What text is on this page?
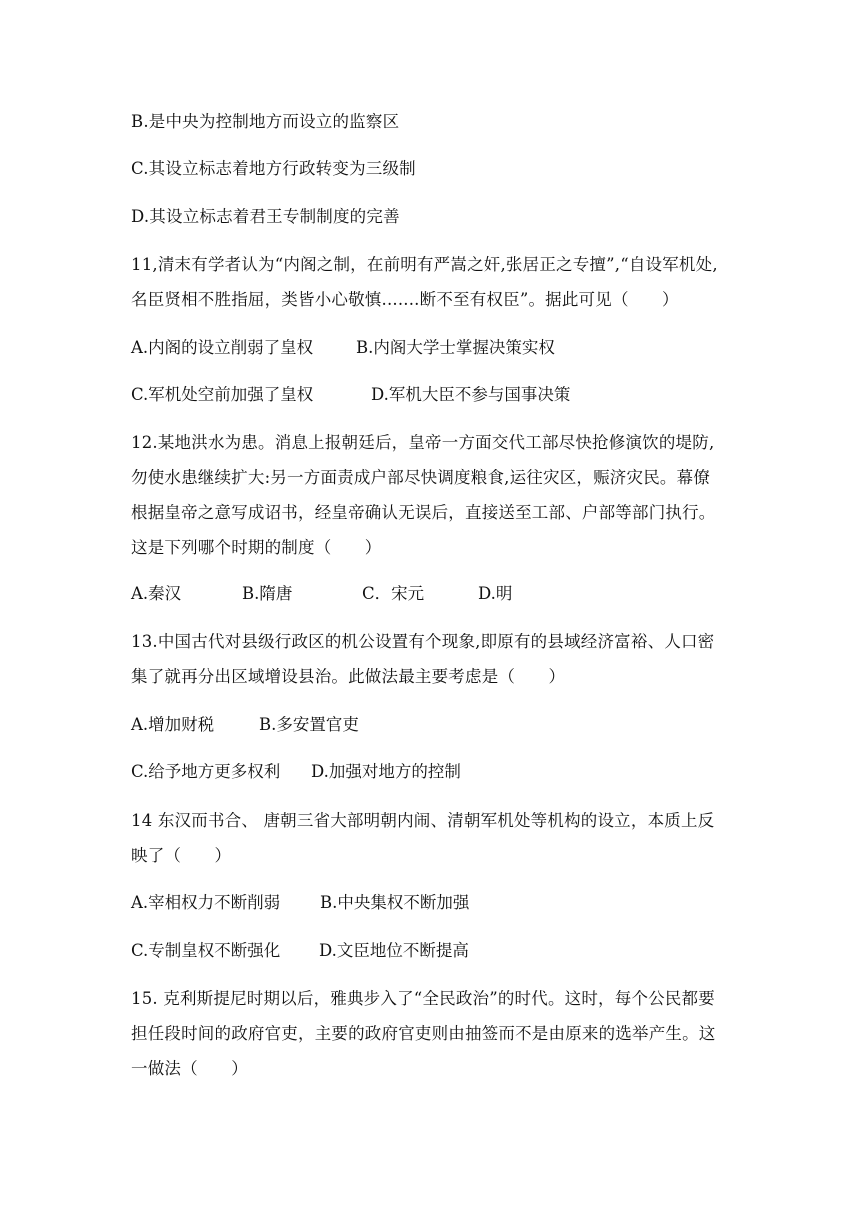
B.是中央为控制地方而设立的监察区
C.其设立标志着地方行政转变为三级制
D.其设立标志着君王专制制度的完善
11,清末有学者认为“内阁之制，在前明有严嵩之奸,张居正之专擅”,“自设军机处,
名臣贤相不胜指屈，类皆小心敬慎.......断不至有权臣”。据此可见（　　）
A.内阁的设立削弱了皇权	B.内阁大学士掌握决策实权
C.军机处空前加强了皇权	D.军机大臣不参与国事决策
12.某地洪水为患。消息上报朝廷后，皇帝一方面交代工部尽快抢修演饮的堤防,
勿使水患继续扩大:另一方面责成户部尽快调度粮食,运往灾区，赈济灾民。幕僚
根据皇帝之意写成诏书，经皇帝确认无误后，直接送至工部、户部等部门执行。
这是下列哪个时期的制度（　　）
A.秦汉	B.隋唐	C．宋元	D.明
13.中国古代对县级行政区的机公设置有个现象,即原有的县域经济富裕、人口密
集了就再分出区域增设县治。此做法最主要考虑是（　　）
A.增加财税	B.多安置官吏
C.给予地方更多权利 D.加强对地方的控制
14 东汉而书合、 唐朝三省大部明朝内闹、清朝军机处等机构的设立，本质上反
映了（　　）
A.宰相权力不断削弱 B.中央集权不断加强
C.专制皇权不断强化 D.文臣地位不断提高
15. 克利斯提尼时期以后，雅典步入了“全民政治”的时代。这时，每个公民都要
担任段时间的政府官吏，主要的政府官吏则由抽签而不是由原来的选举产生。这
一做法（　　）
